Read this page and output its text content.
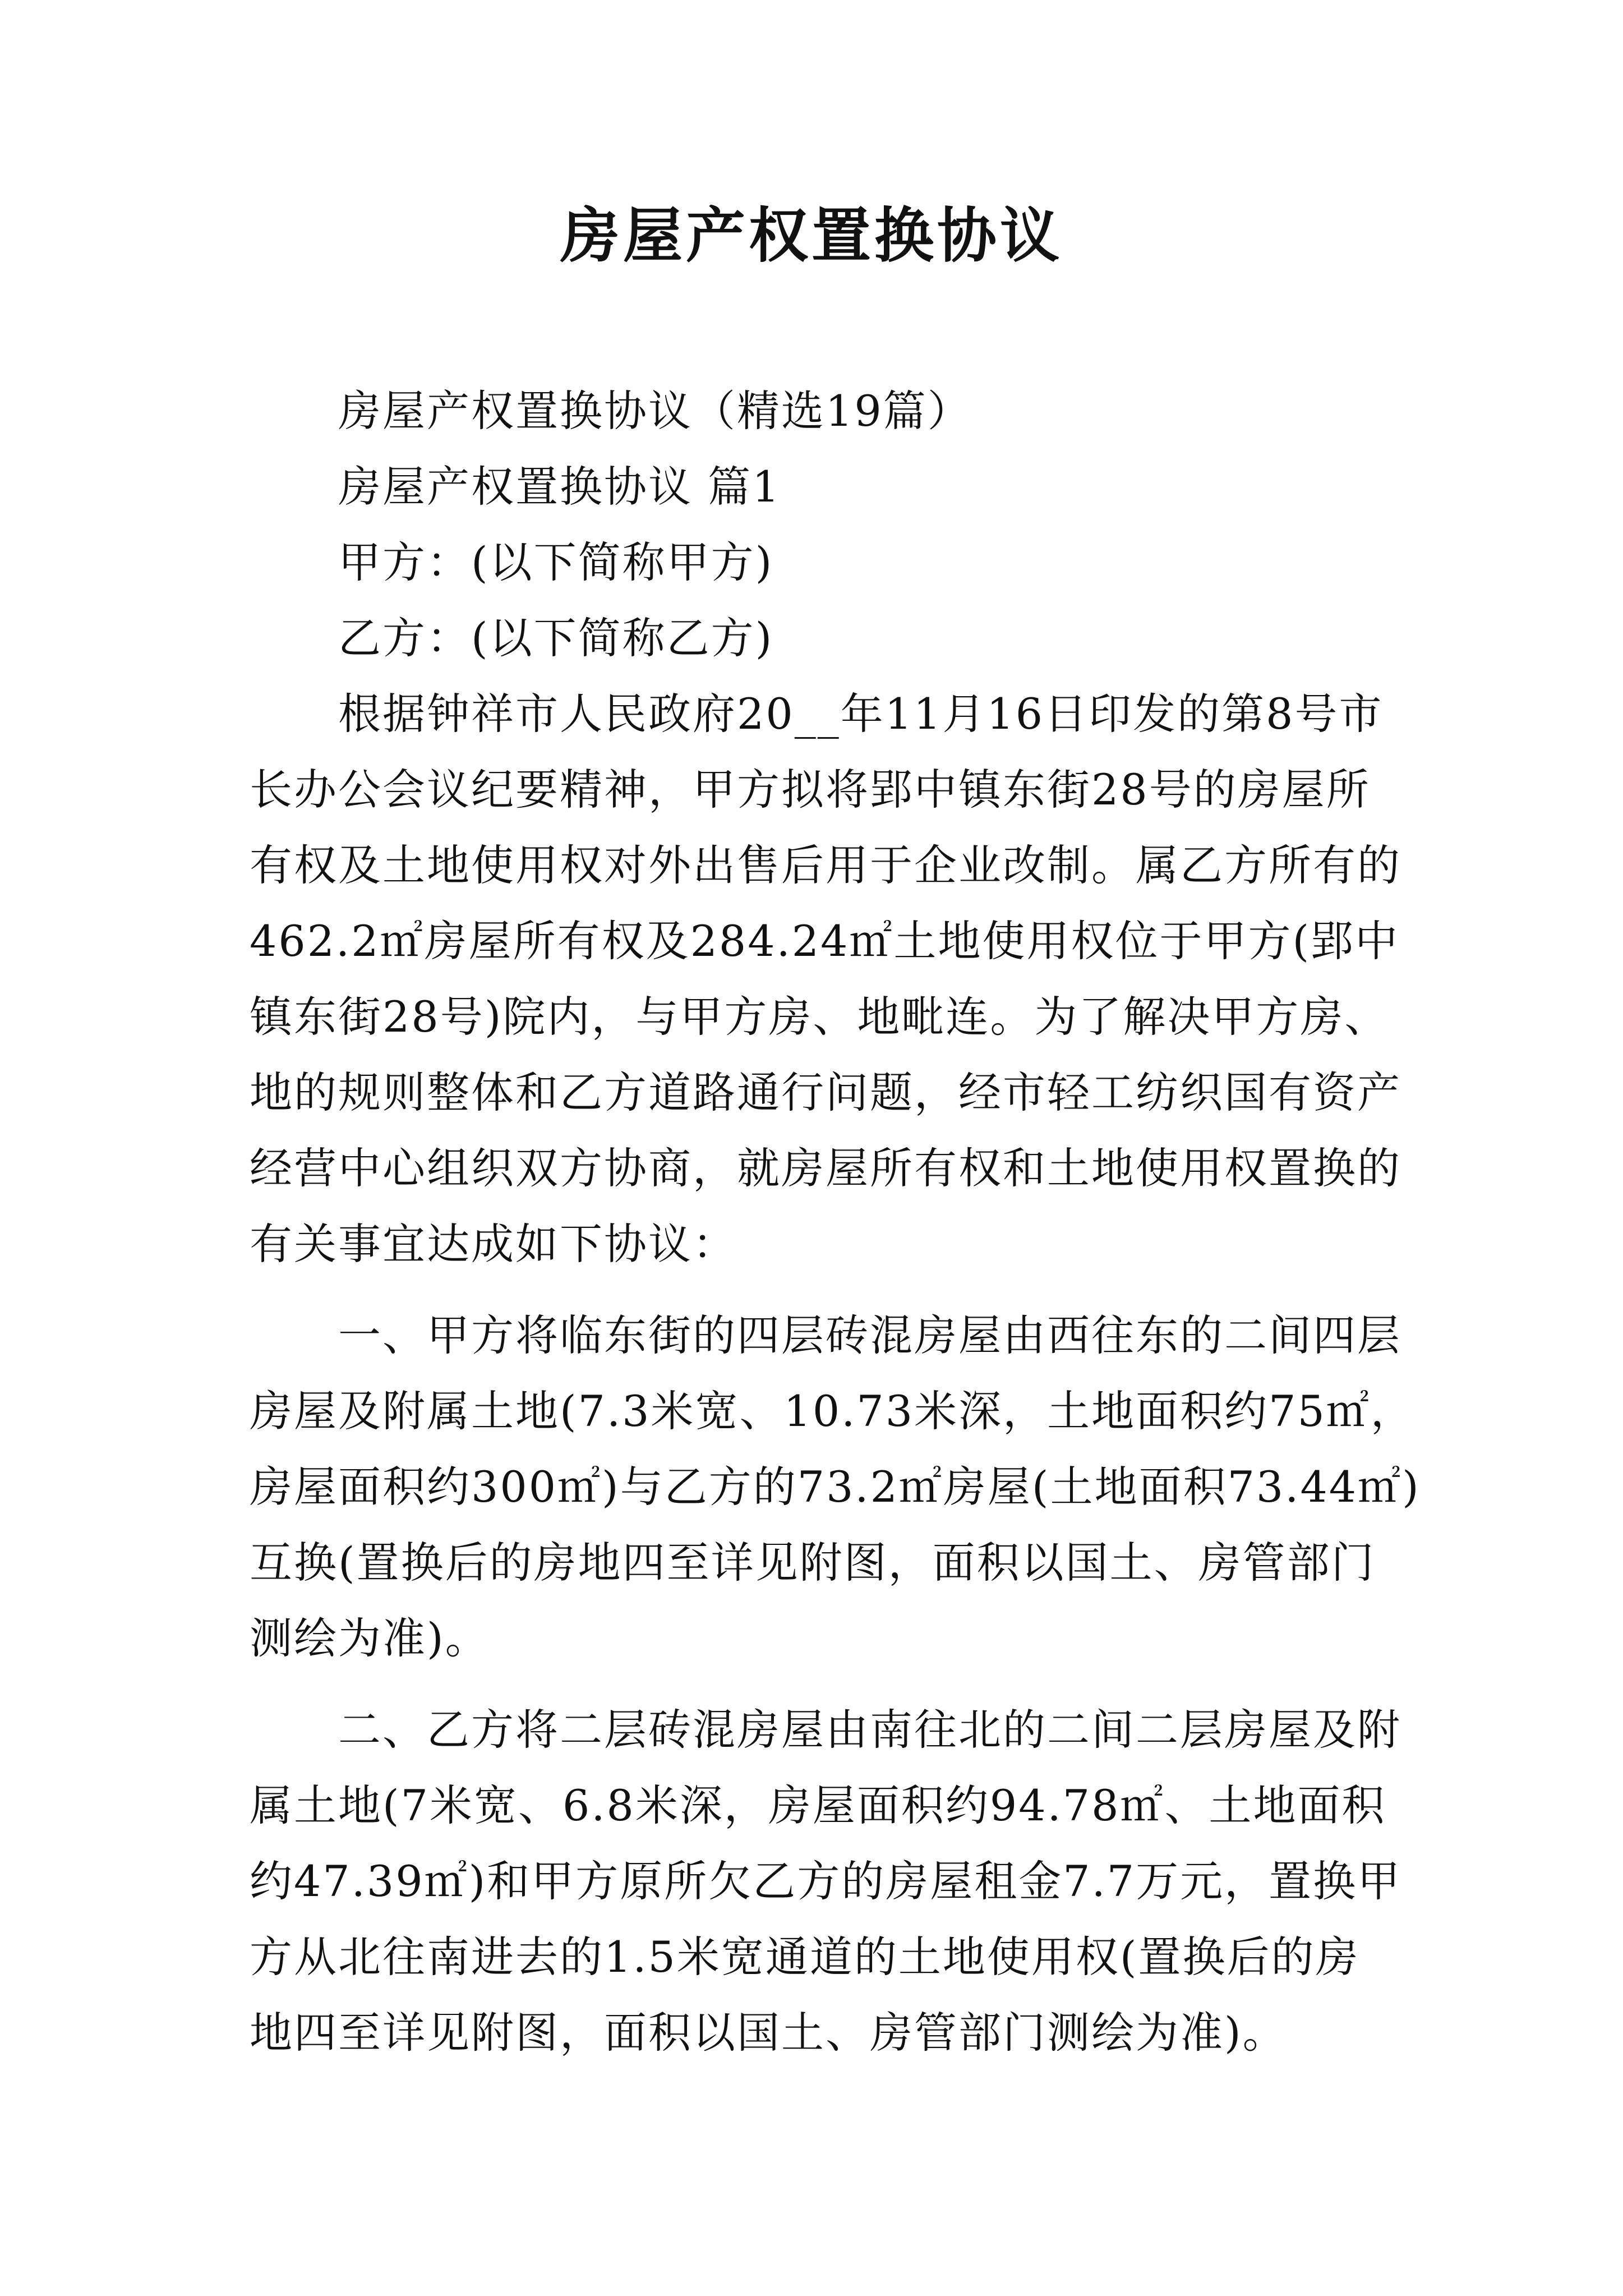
房屋产权置换协议
房屋产权置换协议（精选19篇）
房屋产权置换协议 篇1
甲方：(以下简称甲方)
乙方：(以下简称乙方)
根据钟祥市人民政府20__年11月16日印发的第8号市
长办公会议纪要精神，甲方拟将郢中镇东街28号的房屋所
有权及土地使用权对外出售后用于企业改制。属乙方所有的
462.2㎡房屋所有权及284.24㎡土地使用权位于甲方(郢中
镇东街28号)院内，与甲方房、地毗连。为了解决甲方房、
地的规则整体和乙方道路通行问题，经市轻工纺织国有资产
经营中心组织双方协商，就房屋所有权和土地使用权置换的
有关事宜达成如下协议：
一、甲方将临东街的四层砖混房屋由西往东的二间四层
房屋及附属土地(7.3米宽、10.73米深，土地面积约75㎡，
房屋面积约300㎡)与乙方的73.2㎡房屋(土地面积73.44㎡)
互换(置换后的房地四至详见附图，面积以国土、房管部门
测绘为准)。
二、乙方将二层砖混房屋由南往北的二间二层房屋及附
属土地(7米宽、6.8米深，房屋面积约94.78㎡、土地面积
约47.39㎡)和甲方原所欠乙方的房屋租金7.7万元，置换甲
方从北往南进去的1.5米宽通道的土地使用权(置换后的房
地四至详见附图，面积以国土、房管部门测绘为准)。
